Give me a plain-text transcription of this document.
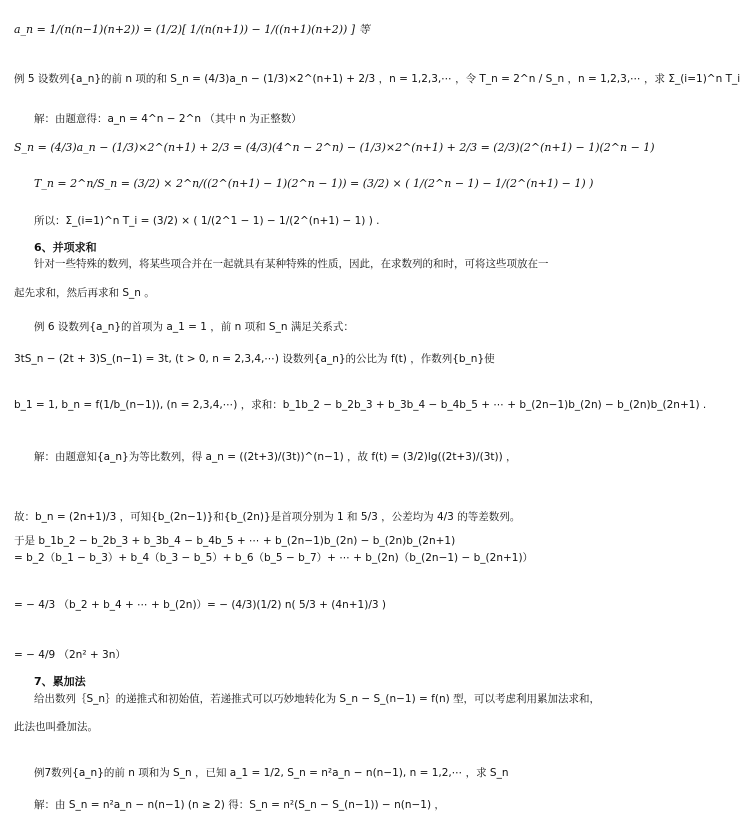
a_n = 1/(n(n−1)(n+2)) = (1/2)[ 1/(n(n+1)) − 1/((n+1)(n+2)) ] 等
例 5 设数列{a_n}的前 n 项的和 S_n = (4/3)a_n − (1/3)×2^(n+1) + 2/3 ，n = 1,2,3,⋯ ，令 T_n = 2^n / S_n ，n = 1,2,3,⋯ ，求 Σ_(i=1)^n T_i
解：由题意得：a_n = 4^n − 2^n （其中 n 为正整数）
S_n = (4/3)a_n − (1/3)×2^(n+1) + 2/3 = (4/3)(4^n − 2^n) − (1/3)×2^(n+1) + 2/3 = (2/3)(2^(n+1) − 1)(2^n − 1)
T_n = 2^n/S_n = (3/2) × 2^n/((2^(n+1) − 1)(2^n − 1)) = (3/2) × ( 1/(2^n − 1) − 1/(2^(n+1) − 1) )
所以：Σ_(i=1)^n T_i = (3/2) × ( 1/(2^1 − 1) − 1/(2^(n+1) − 1) ) .
6、并项求和
针对一些特殊的数列，将某些项合并在一起就具有某种特殊的性质，因此，在求数列的和时，可将这些项放在一
起先求和，然后再求和 S_n 。
例 6 设数列{a_n}的首项为 a_1 = 1 ，前 n 项和 S_n 满足关系式：
3tS_n − (2t + 3)S_(n−1) = 3t, (t > 0, n = 2,3,4,⋯) 设数列{a_n}的公比为 f(t) ，作数列{b_n}使
b_1 = 1, b_n = f(1/b_(n−1)), (n = 2,3,4,⋯) ，求和：b_1b_2 − b_2b_3 + b_3b_4 − b_4b_5 + ⋯ + b_(2n−1)b_(2n) − b_(2n)b_(2n+1) .
解：由题意知{a_n}为等比数列，得 a_n = ((2t+3)/(3t))^(n−1) ，故 f(t) = (3/2)lg((2t+3)/(3t)) ，
故：b_n = (2n+1)/3 ，可知{b_(2n−1)}和{b_(2n)}是首项分别为 1 和 5/3 ，公差均为 4/3 的等差数列。
于是 b_1b_2 − b_2b_3 + b_3b_4 − b_4b_5 + ⋯ + b_(2n−1)b_(2n) − b_(2n)b_(2n+1)
= b_2（b_1 − b_3）+ b_4（b_3 − b_5）+ b_6（b_5 − b_7）+ ⋯ + b_(2n)（b_(2n−1) − b_(2n+1)）
= − 4/3 （b_2 + b_4 + ⋯ + b_(2n)）= − (4/3)(1/2) n( 5/3 + (4n+1)/3 )
= − 4/9 （2n² + 3n）
7、累加法
给出数列｛S_n｝的递推式和初始值，若递推式可以巧妙地转化为 S_n − S_(n−1) = f(n) 型，可以考虑利用累加法求和，
此法也叫叠加法。
例7数列{a_n}的前 n 项和为 S_n ，已知 a_1 = 1/2, S_n = n²a_n − n(n−1), n = 1,2,⋯ ，求 S_n
解：由 S_n = n²a_n − n(n−1) (n ≥ 2) 得：S_n = n²(S_n − S_(n−1)) − n(n−1) ，
